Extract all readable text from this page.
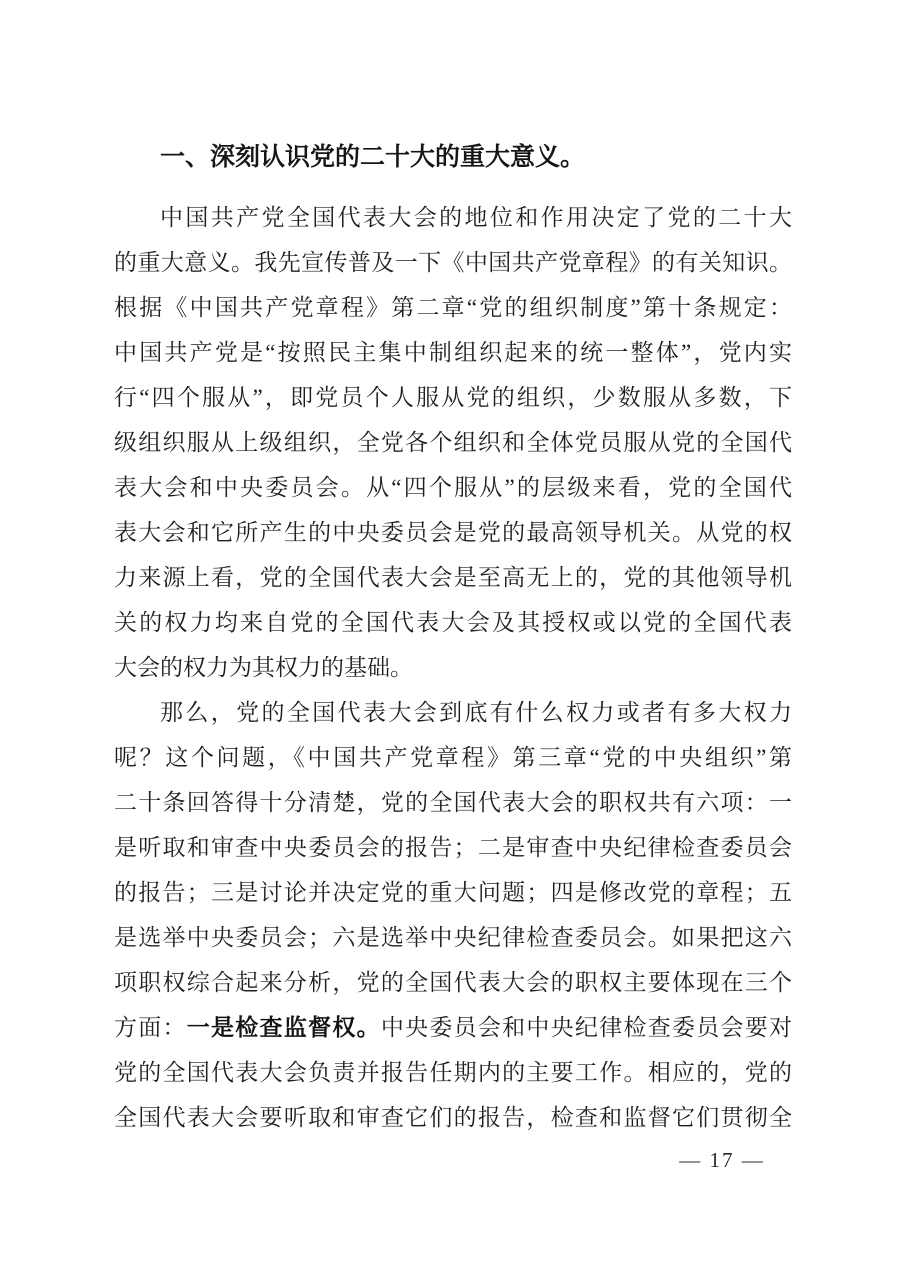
一、深刻认识党的二十大的重大意义。
中国共产党全国代表大会的地位和作用决定了党的二十大
的重大意义。我先宣传普及一下《中国共产党章程》的有关知识。
根据《中国共产党章程》第二章“党的组织制度”第十条规定：
中国共产党是“按照民主集中制组织起来的统一整体”，党内实
行“四个服从”，即党员个人服从党的组织，少数服从多数，下
级组织服从上级组织，全党各个组织和全体党员服从党的全国代
表大会和中央委员会。从“四个服从”的层级来看，党的全国代
表大会和它所产生的中央委员会是党的最高领导机关。从党的权
力来源上看，党的全国代表大会是至高无上的，党的其他领导机
关的权力均来自党的全国代表大会及其授权或以党的全国代表
大会的权力为其权力的基础。
那么，党的全国代表大会到底有什么权力或者有多大权力
呢？这个问题，《中国共产党章程》第三章“党的中央组织”第
二十条回答得十分清楚，党的全国代表大会的职权共有六项：一
是听取和审查中央委员会的报告；二是审查中央纪律检查委员会
的报告；三是讨论并决定党的重大问题；四是修改党的章程；五
是选举中央委员会；六是选举中央纪律检查委员会。如果把这六
项职权综合起来分析，党的全国代表大会的职权主要体现在三个
方面：一是检查监督权。中央委员会和中央纪律检查委员会要对
党的全国代表大会负责并报告任期内的主要工作。相应的，党的
全国代表大会要听取和审查它们的报告，检查和监督它们贯彻全
— 17 —
